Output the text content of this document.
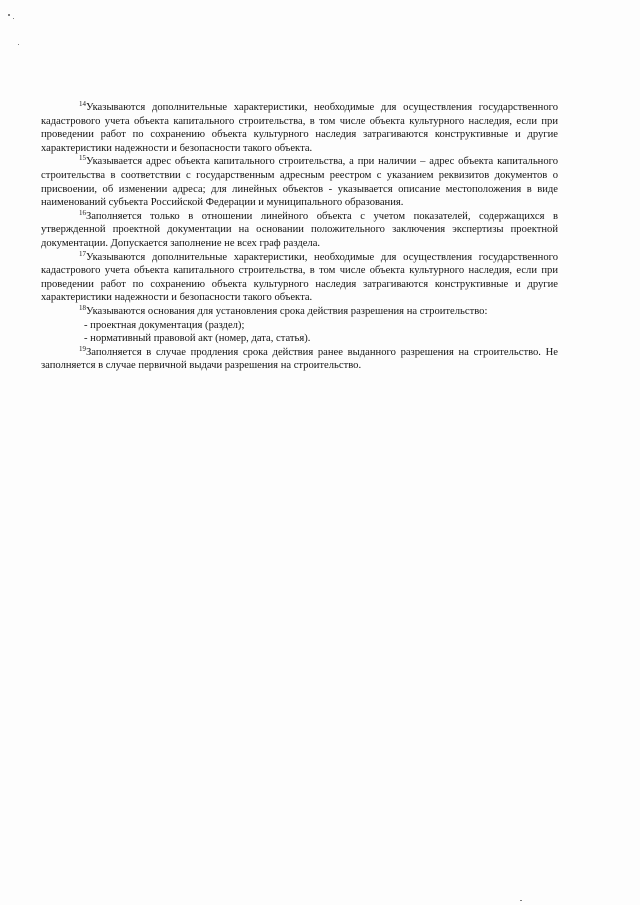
$^{14}$Указываются дополнительные характеристики, необходимые для осуществления государственного кадастрового учета объекта капитального строительства, в том числе объекта культурного наследия, если при проведении работ по сохранению объекта культурного наследия затрагиваются конструктивные и другие характеристики надежности и безопасности такого объекта.

$^{15}$Указывается адрес объекта капитального строительства, а при наличии – адрес объекта капитального строительства в соответствии с государственным адресным реестром с указанием реквизитов документов о присвоении, об изменении адреса; для линейных объектов - указывается описание местоположения в виде наименований субъекта Российской Федерации и муниципального образования.

$^{16}$Заполняется только в отношении линейного объекта с учетом показателей, содержащихся в утвержденной проектной документации на основании положительного заключения экспертизы проектной документации. Допускается заполнение не всех граф раздела.

$^{17}$Указываются дополнительные характеристики, необходимые для осуществления государственного кадастрового учета объекта капитального строительства, в том числе объекта культурного наследия, если при проведении работ по сохранению объекта культурного наследия затрагиваются конструктивные и другие характеристики надежности и безопасности такого объекта.

$^{18}$Указываются основания для установления срока действия разрешения на строительство:

- проектная документация (раздел);

- нормативный правовой акт (номер, дата, статья).

$^{19}$Заполняется в случае продления срока действия ранее выданного разрешения на строительство. Не заполняется в случае первичной выдачи разрешения на строительство.
